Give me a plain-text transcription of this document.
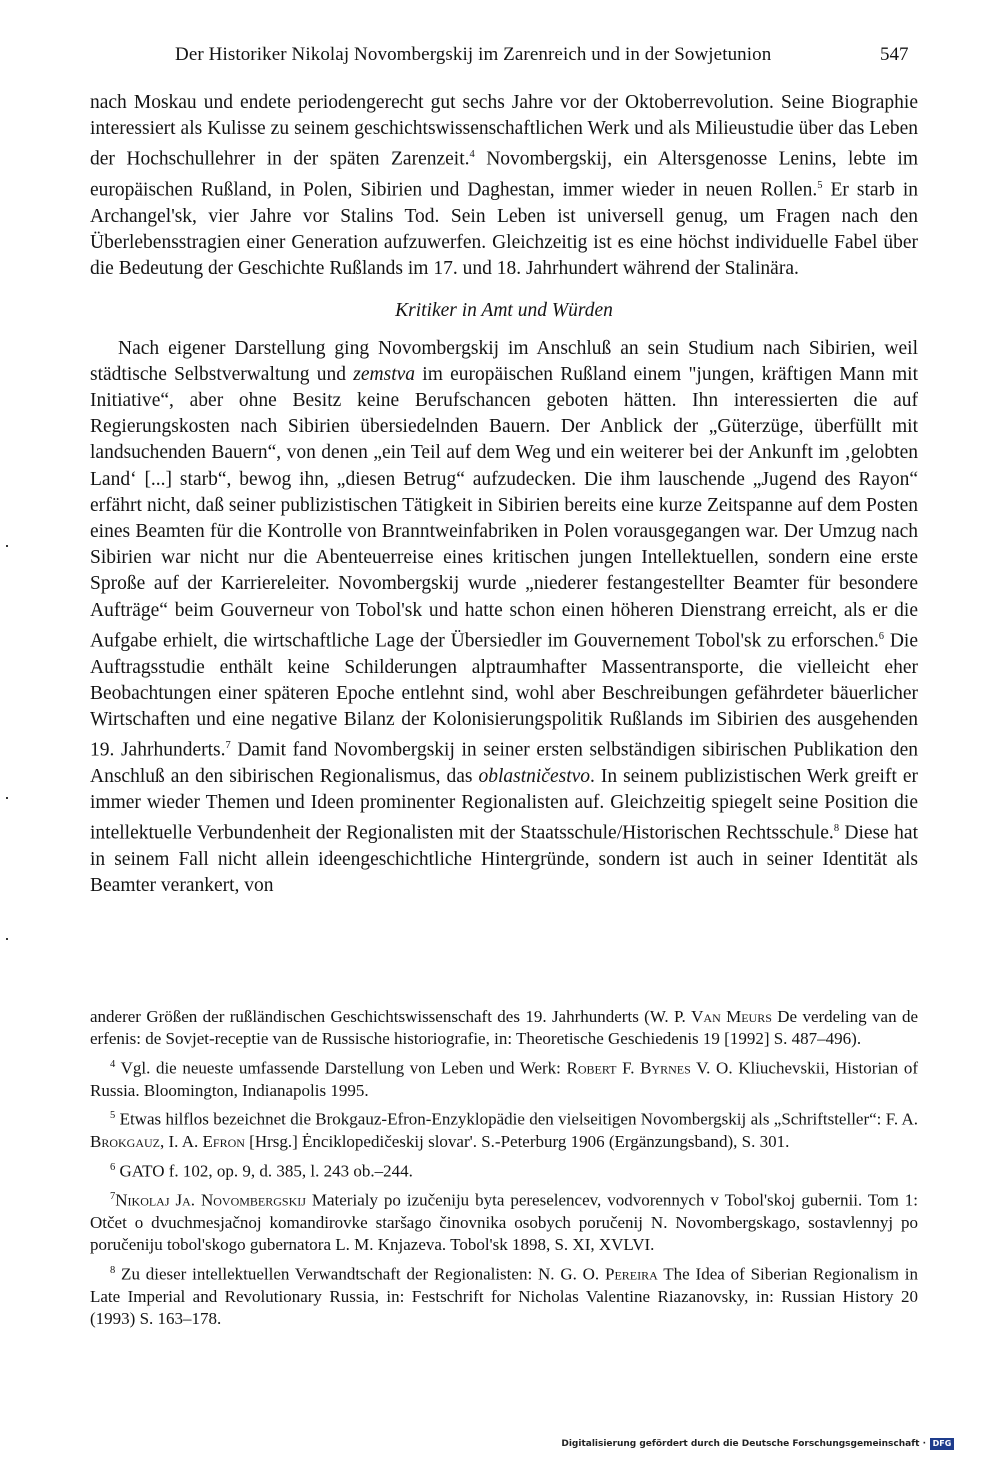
Der Historiker Nikolaj Novombergskij im Zarenreich und in der Sowjetunion	547

nach Moskau und endete periodengerecht gut sechs Jahre vor der Oktoberrevolution. Seine Biographie interessiert als Kulisse zu seinem geschichtswissenschaftlichen Werk und als Milieustudie über das Leben der Hochschullehrer in der späten Zarenzeit.$^4$ Novombergskij, ein Altersgenosse Lenins, lebte im europäischen Rußland, in Polen, Sibirien und Daghestan, immer wieder in neuen Rollen.$^5$ Er starb in Archangel'sk, vier Jahre vor Stalins Tod. Sein Leben ist universell genug, um Fragen nach den Überlebensstragien einer Generation aufzuwerfen. Gleichzeitig ist es eine höchst individuelle Fabel über die Bedeutung der Geschichte Rußlands im 17. und 18. Jahrhundert während der Stalinära.

Kritiker in Amt und Würden

Nach eigener Darstellung ging Novombergskij im Anschluß an sein Studium nach Sibirien, weil städtische Selbstverwaltung und zemstva im europäischen Rußland einem "jungen, kräftigen Mann mit Initiative“, aber ohne Besitz keine Berufschancen geboten hätten. Ihn interessierten die auf Regierungskosten nach Sibirien übersiedelnden Bauern. Der Anblick der „Güterzüge, überfüllt mit landsuchenden Bauern“, von denen „ein Teil auf dem Weg und ein weiterer bei der Ankunft im ‚gelobten Land‘ [...] starb“, bewog ihn, „diesen Betrug“ aufzudecken. Die ihm lauschende „Jugend des Rayon“ erfährt nicht, daß seiner publizistischen Tätigkeit in Sibirien bereits eine kurze Zeitspanne auf dem Posten eines Beamten für die Kontrolle von Branntweinfabriken in Polen vorausgegangen war. Der Umzug nach Sibirien war nicht nur die Abenteuerreise eines kritischen jungen Intellektuellen, sondern eine erste Sproße auf der Karriereleiter. Novombergskij wurde „niederer festangestellter Beamter für besondere Aufträge“ beim Gouverneur von Tobol'sk und hatte schon einen höheren Dienstrang erreicht, als er die Aufgabe erhielt, die wirtschaftliche Lage der Übersiedler im Gouvernement Tobol'sk zu erforschen.$^6$ Die Auftragsstudie enthält keine Schilderungen alptraumhafter Massentransporte, die vielleicht eher Beobachtungen einer späteren Epoche entlehnt sind, wohl aber Beschreibungen gefährdeter bäuerlicher Wirtschaften und eine negative Bilanz der Kolonisierungspolitik Rußlands im Sibirien des ausgehenden 19. Jahrhunderts.$^7$ Damit fand Novombergskij in seiner ersten selbständigen sibirischen Publikation den Anschluß an den sibirischen Regionalismus, das oblastničestvo. In seinem publizistischen Werk greift er immer wieder Themen und Ideen prominenter Regionalisten auf. Gleichzeitig spiegelt seine Position die intellektuelle Verbundenheit der Regionalisten mit der Staatsschule/Historischen Rechtsschule.$^8$ Diese hat in seinem Fall nicht allein ideengeschichtliche Hintergründe, sondern ist auch in seiner Identität als Beamter verankert, von

anderer Größen der rußländischen Geschichtswissenschaft des 19. Jahrhunderts (W. P. Van Meurs De verdeling van de erfenis: de Sovjet-receptie van de Russische historiografie, in: Theoretische Geschiedenis 19 [1992] S. 487–496).

$^4$ Vgl. die neueste umfassende Darstellung von Leben und Werk: Robert F. Byrnes V. O. Kliuchevskii, Historian of Russia. Bloomington, Indianapolis 1995.

$^5$ Etwas hilflos bezeichnet die Brokgauz-Efron-Enzyklopädie den vielseitigen Novombergskij als „Schriftsteller“: F. A. Brokgauz, I. A. Efron [Hrsg.] Ėnciklopedičeskij slovar'. S.-Peterburg 1906 (Ergänzungsband), S. 301.

$^6$ GATO f. 102, op. 9, d. 385, l. 243 ob.–244.

$^7$Nikolaj Ja. Novombergskij Materialy po izučeniju byta pereselencev, vodvorennych v Tobol'skoj gubernii. Tom 1: Otčet o dvuchmesjačnoj komandirovke staršago činovnika osobych poručenij N. Novombergskago, sostavlennyj po poručeniju tobol'skogo gubernatora L. M. Knjazeva. Tobol'sk 1898, S. XI, XVLVI.

$^8$ Zu dieser intellektuellen Verwandtschaft der Regionalisten: N. G. O. Pereira The Idea of Siberian Regionalism in Late Imperial and Revolutionary Russia, in: Festschrift for Nicholas Valentine Riazanovsky, in: Russian History 20 (1993) S. 163–178.

Digitalisierung gefördert durch die Deutsche Forschungsgemeinschaft · DFG
